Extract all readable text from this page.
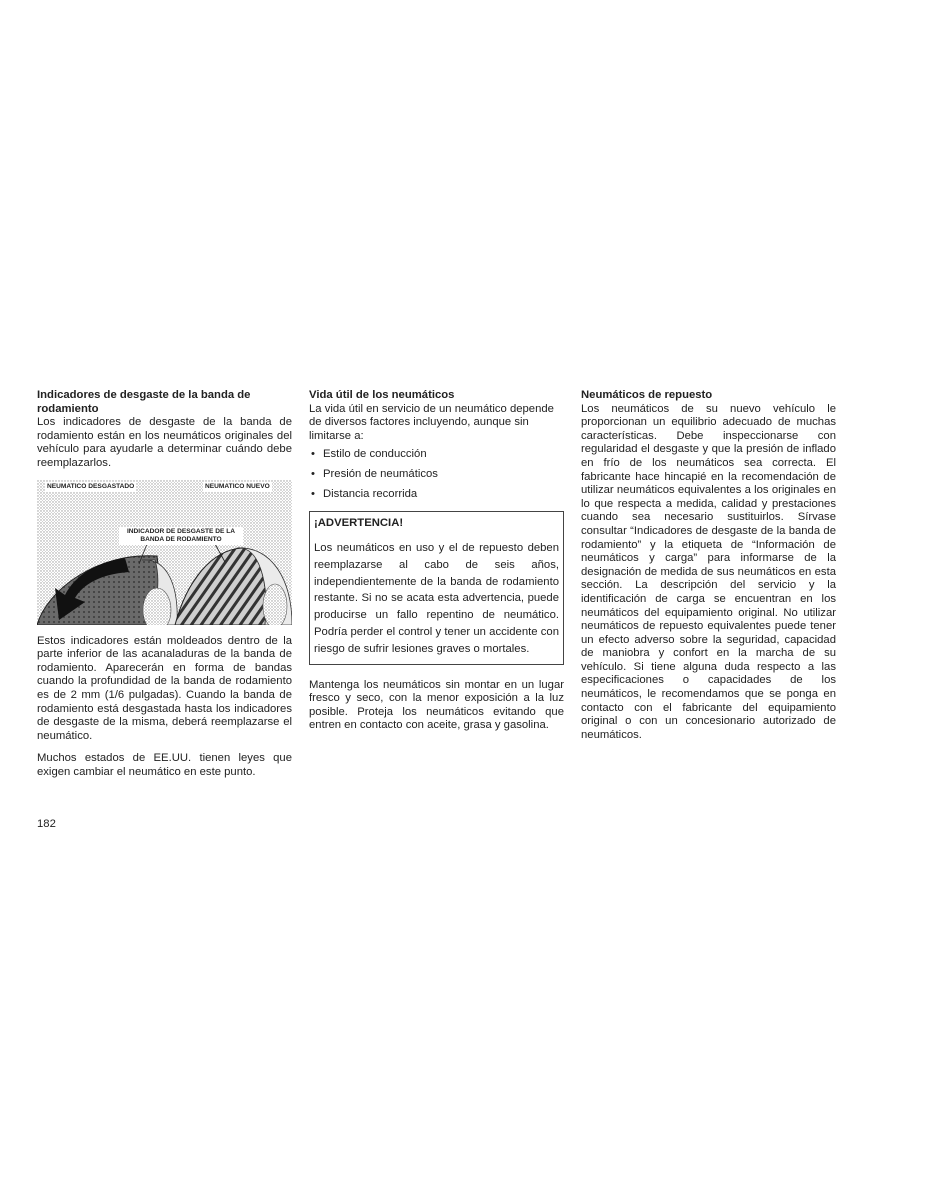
Indicadores de desgaste de la banda de rodamiento

Los indicadores de desgaste de la banda de rodamiento están en los neumáticos originales del vehículo para ayudarle a determinar cuándo debe reemplazarlos.

NEUMATICO DESGASTADO	NEUMATICO NUEVO
INDICADOR DE DESGASTE DE LA BANDA DE RODAMIENTO

Estos indicadores están moldeados dentro de la parte inferior de las acanaladuras de la banda de rodamiento. Aparecerán en forma de bandas cuando la profundidad de la banda de rodamiento es de 2 mm (1/6 pulgadas). Cuando la banda de rodamiento está desgastada hasta los indicadores de desgaste de la misma, deberá reemplazarse el neumático.

Muchos estados de EE.UU. tienen leyes que exigen cambiar el neumático en este punto.

Vida útil de los neumáticos

La vida útil en servicio de un neumático depende de diversos factores incluyendo, aunque sin limitarse a:

• Estilo de conducción
• Presión de neumáticos
• Distancia recorrida
¡ADVERTENCIA!

Los neumáticos en uso y el de repuesto deben reemplazarse al cabo de seis años, independientemente de la banda de rodamiento restante. Si no se acata esta advertencia, puede producirse un fallo repentino de neumático. Podría perder el control y tener un accidente con riesgo de sufrir lesiones graves o mortales.

Mantenga los neumáticos sin montar en un lugar fresco y seco, con la menor exposición a la luz posible. Proteja los neumáticos evitando que entren en contacto con aceite, grasa y gasolina.

Neumáticos de repuesto

Los neumáticos de su nuevo vehículo le proporcionan un equilibrio adecuado de muchas características. Debe inspeccionarse con regularidad el desgaste y que la presión de inflado en frío de los neumáticos sea correcta. El fabricante hace hincapié en la recomendación de utilizar neumáticos equivalentes a los originales en lo que respecta a medida, calidad y prestaciones cuando sea necesario sustituirlos. Sírvase consultar “Indicadores de desgaste de la banda de rodamiento” y la etiqueta de “Información de neumáticos y carga” para informarse de la designación de medida de sus neumáticos en esta sección. La descripción del servicio y la identificación de carga se encuentran en los neumáticos del equipamiento original. No utilizar neumáticos de repuesto equivalentes puede tener un efecto adverso sobre la seguridad, capacidad de maniobra y confort en la marcha de su vehículo. Si tiene alguna duda respecto a las especificaciones o capacidades de los neumáticos, le recomendamos que se ponga en contacto con el fabricante del equipamiento original o con un concesionario autorizado de neumáticos.

182
